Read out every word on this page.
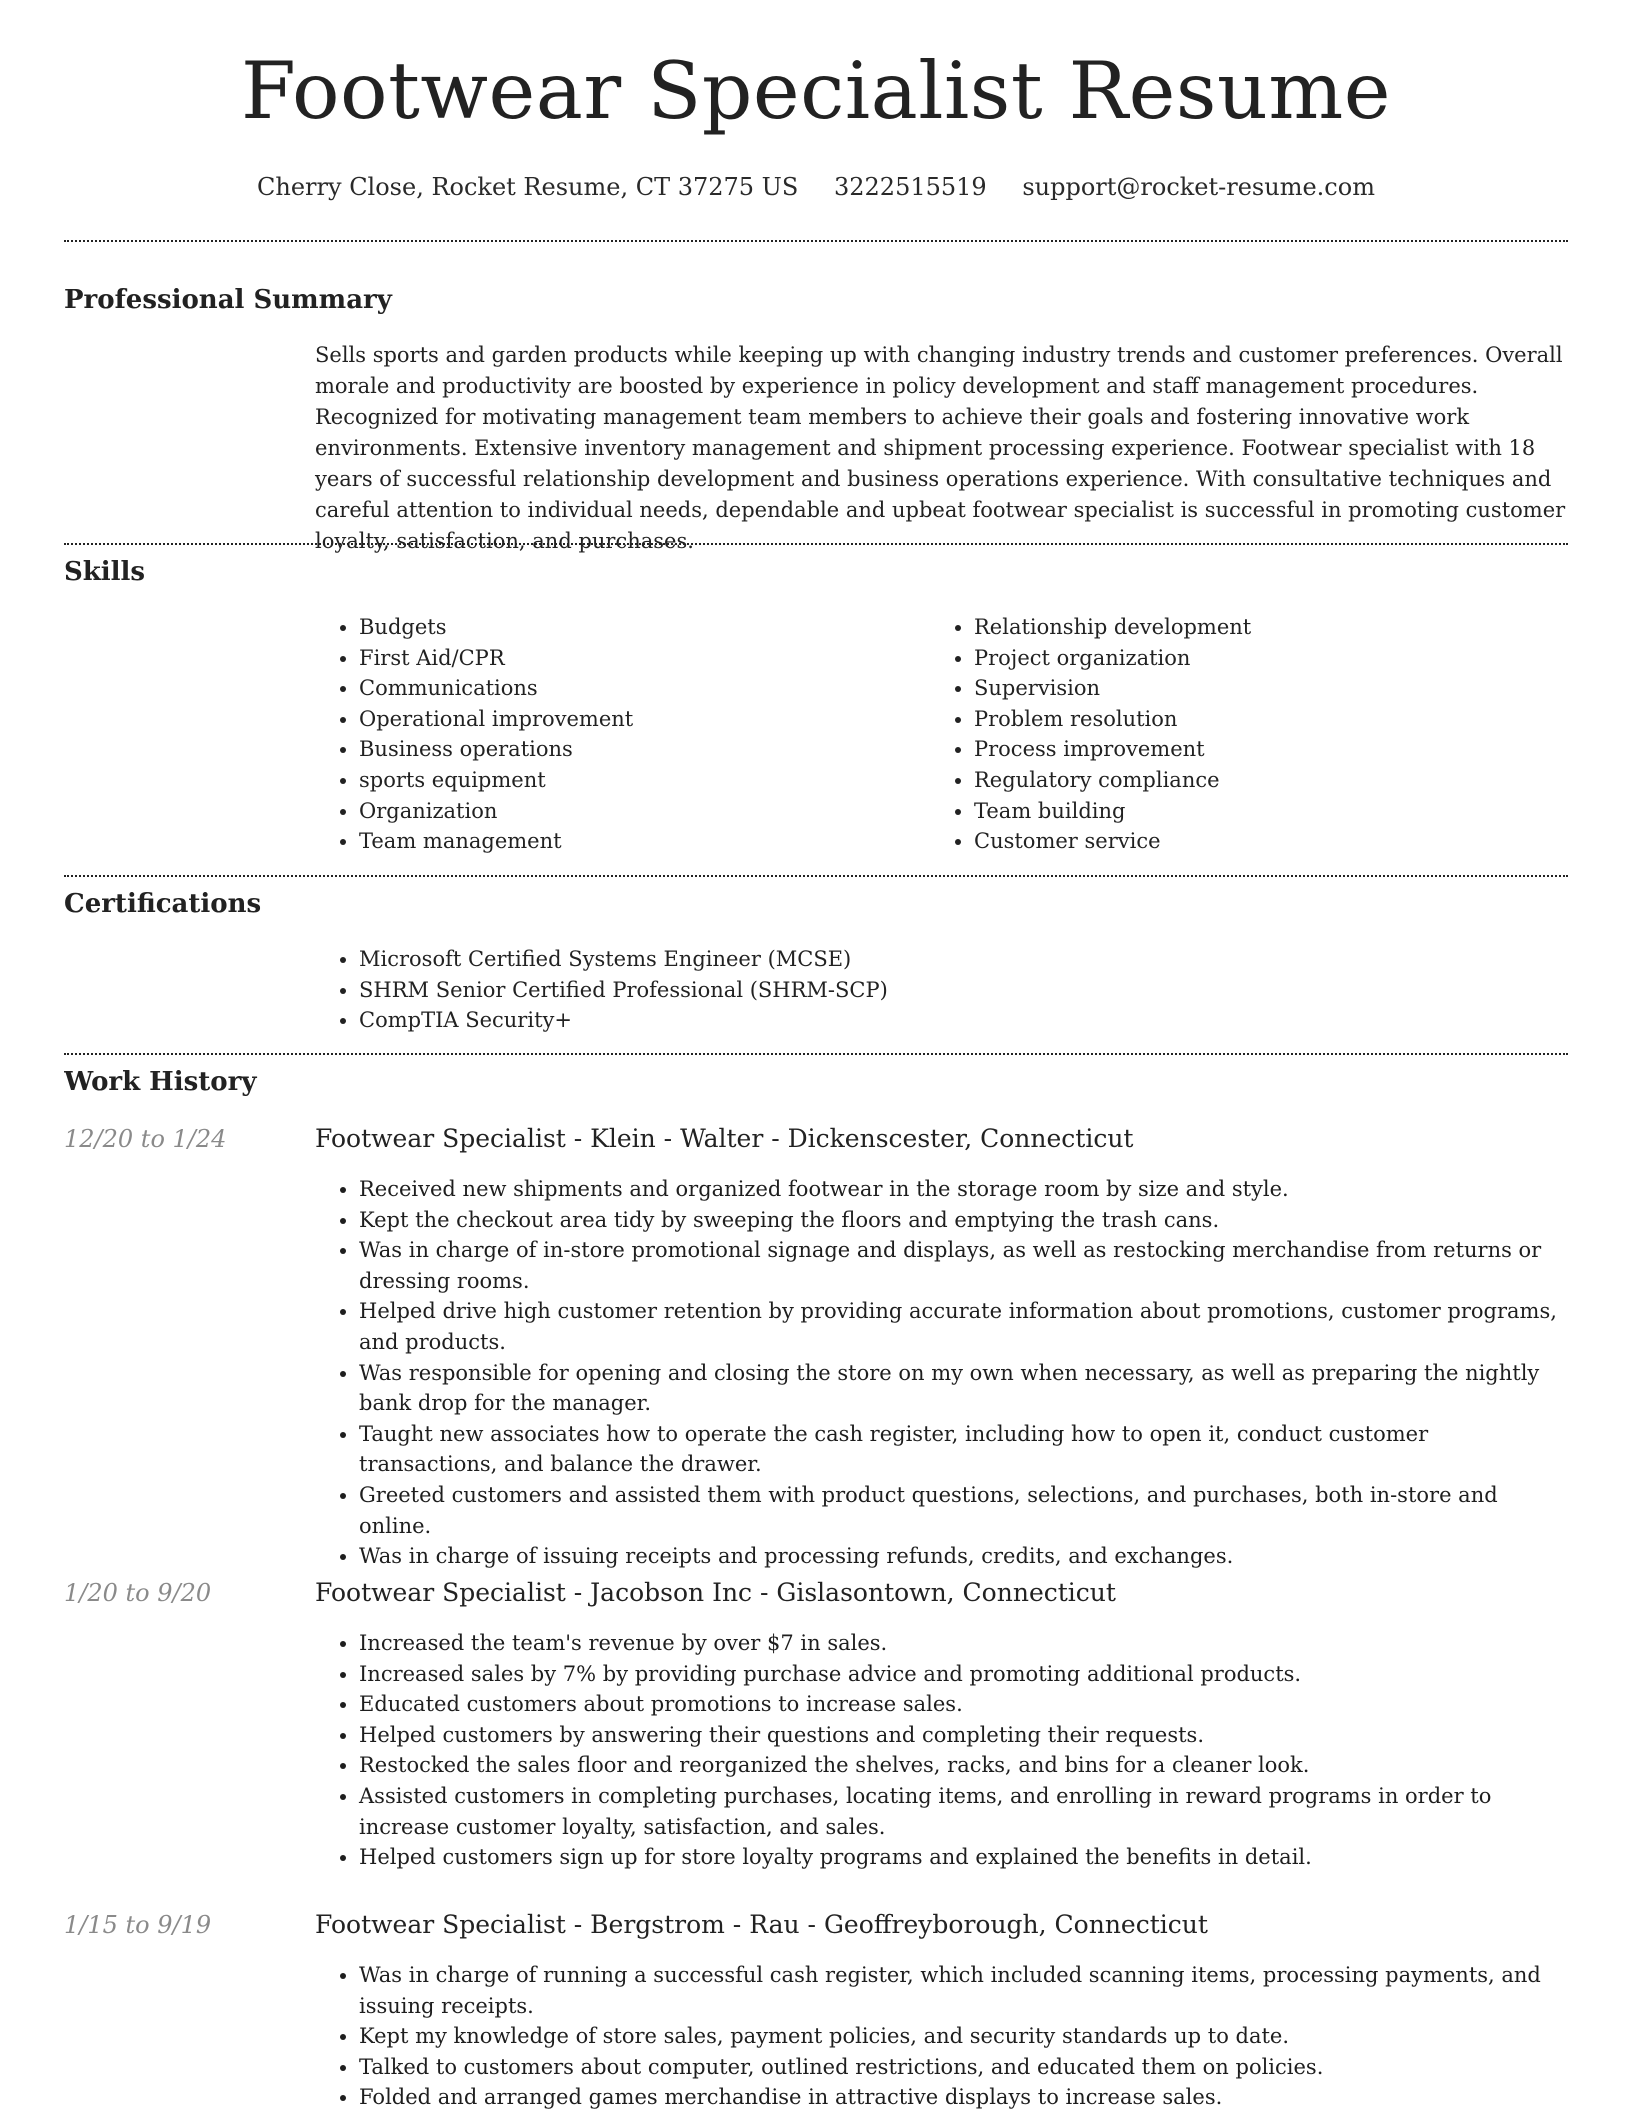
Footwear Specialist Resume
Cherry Close, Rocket Resume, CT 37275 US 3222515519 support@rocket-resume.com
Professional Summary
Sells sports and garden products while keeping up with changing industry trends and customer preferences. Overall morale and productivity are boosted by experience in policy development and staff management procedures. Recognized for motivating management team members to achieve their goals and fostering innovative work environments. Extensive inventory management and shipment processing experience. Footwear specialist with 18 years of successful relationship development and business operations experience. With consultative techniques and careful attention to individual needs, dependable and upbeat footwear specialist is successful in promoting customer loyalty, satisfaction, and purchases.
Skills
• Budgets
• First Aid/CPR
• Communications
• Operational improvement
• Business operations
• sports equipment
• Organization
• Team management
• Relationship development
• Project organization
• Supervision
• Problem resolution
• Process improvement
• Regulatory compliance
• Team building
• Customer service
Certifications
• Microsoft Certified Systems Engineer (MCSE)
• SHRM Senior Certified Professional (SHRM-SCP)
• CompTIA Security+
Work History
12/20 to 1/24	Footwear Specialist - Klein - Walter - Dickenscester, Connecticut
• Received new shipments and organized footwear in the storage room by size and style.
• Kept the checkout area tidy by sweeping the floors and emptying the trash cans.
• Was in charge of in-store promotional signage and displays, as well as restocking merchandise from returns or dressing rooms.
• Helped drive high customer retention by providing accurate information about promotions, customer programs, and products.
• Was responsible for opening and closing the store on my own when necessary, as well as preparing the nightly bank drop for the manager.
• Taught new associates how to operate the cash register, including how to open it, conduct customer transactions, and balance the drawer.
• Greeted customers and assisted them with product questions, selections, and purchases, both in-store and online.
• Was in charge of issuing receipts and processing refunds, credits, and exchanges.
1/20 to 9/20	Footwear Specialist - Jacobson Inc - Gislasontown, Connecticut
• Increased the team's revenue by over $7 in sales.
• Increased sales by 7% by providing purchase advice and promoting additional products.
• Educated customers about promotions to increase sales.
• Helped customers by answering their questions and completing their requests.
• Restocked the sales floor and reorganized the shelves, racks, and bins for a cleaner look.
• Assisted customers in completing purchases, locating items, and enrolling in reward programs in order to increase customer loyalty, satisfaction, and sales.
• Helped customers sign up for store loyalty programs and explained the benefits in detail.
1/15 to 9/19	Footwear Specialist - Bergstrom - Rau - Geoffreyborough, Connecticut
• Was in charge of running a successful cash register, which included scanning items, processing payments, and issuing receipts.
• Kept my knowledge of store sales, payment policies, and security standards up to date.
• Talked to customers about computer, outlined restrictions, and educated them on policies.
• Folded and arranged games merchandise in attractive displays to increase sales.
